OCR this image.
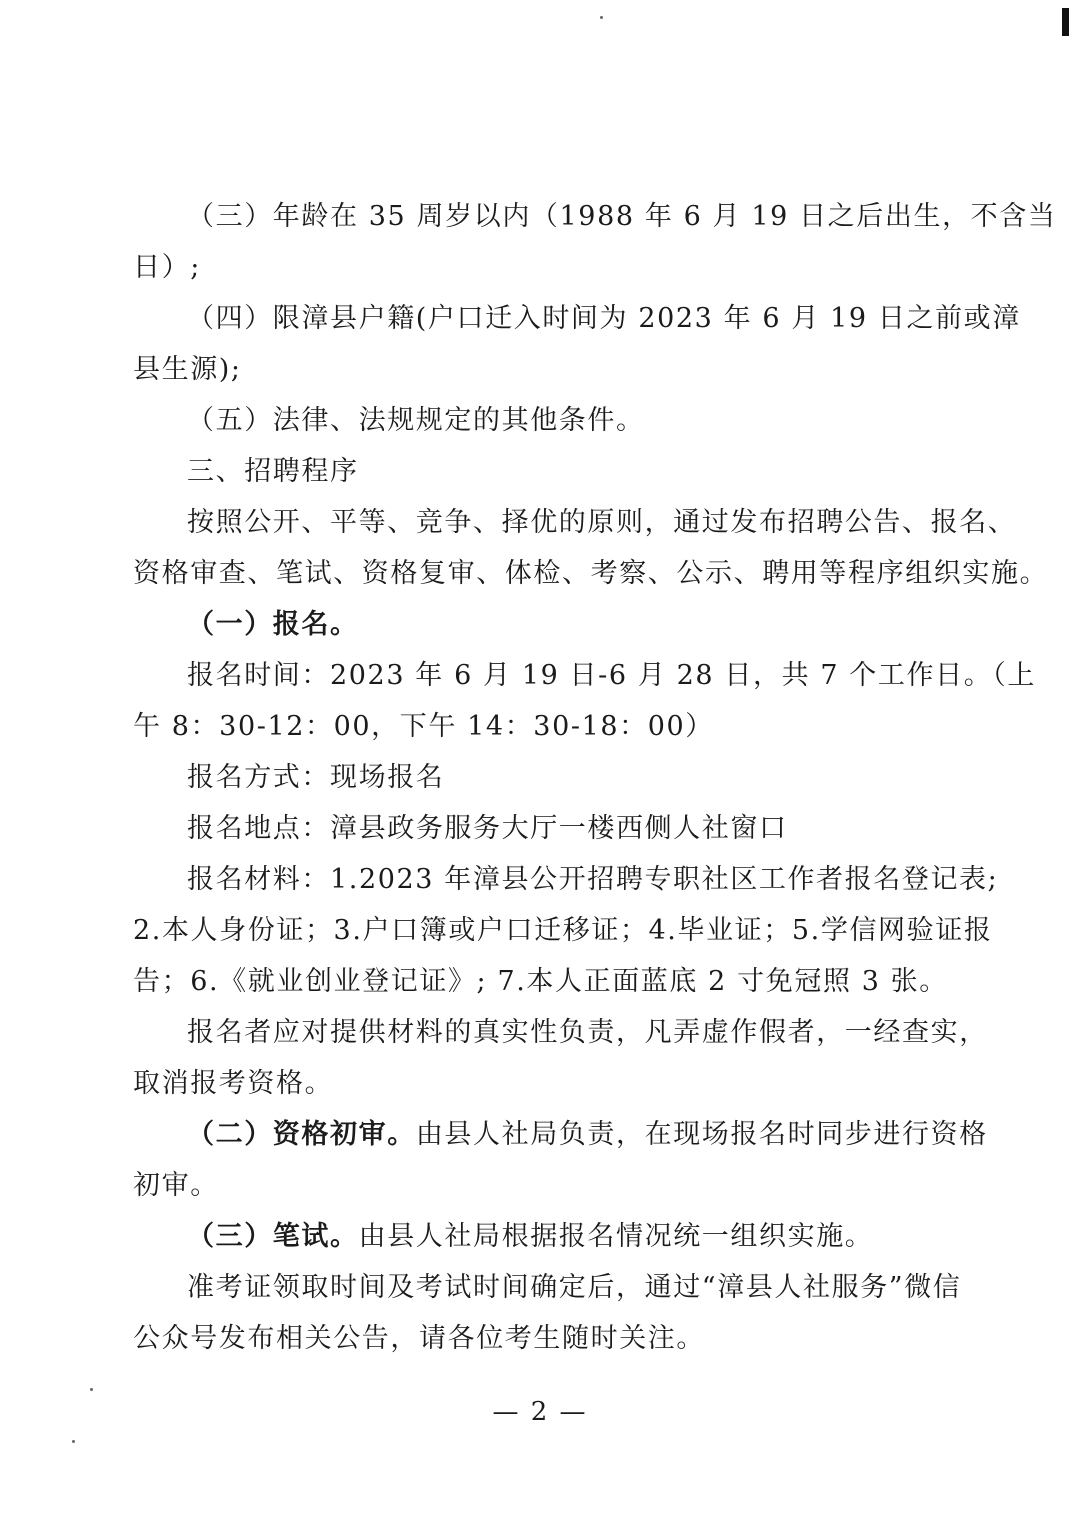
（三）年龄在 35 周岁以内（1988 年 6 月 19 日之后出生，不含当
日）;
（四）限漳县户籍(户口迁入时间为 2023 年 6 月 19 日之前或漳
县生源);
（五）法律、法规规定的其他条件。
三、招聘程序
按照公开、平等、竞争、择优的原则，通过发布招聘公告、报名、
资格审查、笔试、资格复审、体检、考察、公示、聘用等程序组织实施。
（一）报名。
报名时间：2023 年 6 月 19 日-6 月 28 日，共 7 个工作日。（上
午 8：30-12：00，下午 14：30-18：00）
报名方式：现场报名
报名地点：漳县政务服务大厅一楼西侧人社窗口
报名材料：1.2023 年漳县公开招聘专职社区工作者报名登记表;
2.本人身份证；3.户口簿或户口迁移证；4.毕业证；5.学信网验证报
告；6.《就业创业登记证》; 7.本人正面蓝底 2 寸免冠照 3 张。
报名者应对提供材料的真实性负责，凡弄虚作假者，一经查实，
取消报考资格。
（二）资格初审。由县人社局负责，在现场报名时同步进行资格
初审。
（三）笔试。由县人社局根据报名情况统一组织实施。
准考证领取时间及考试时间确定后，通过“漳县人社服务”微信
公众号发布相关公告，请各位考生随时关注。
— 2 —
